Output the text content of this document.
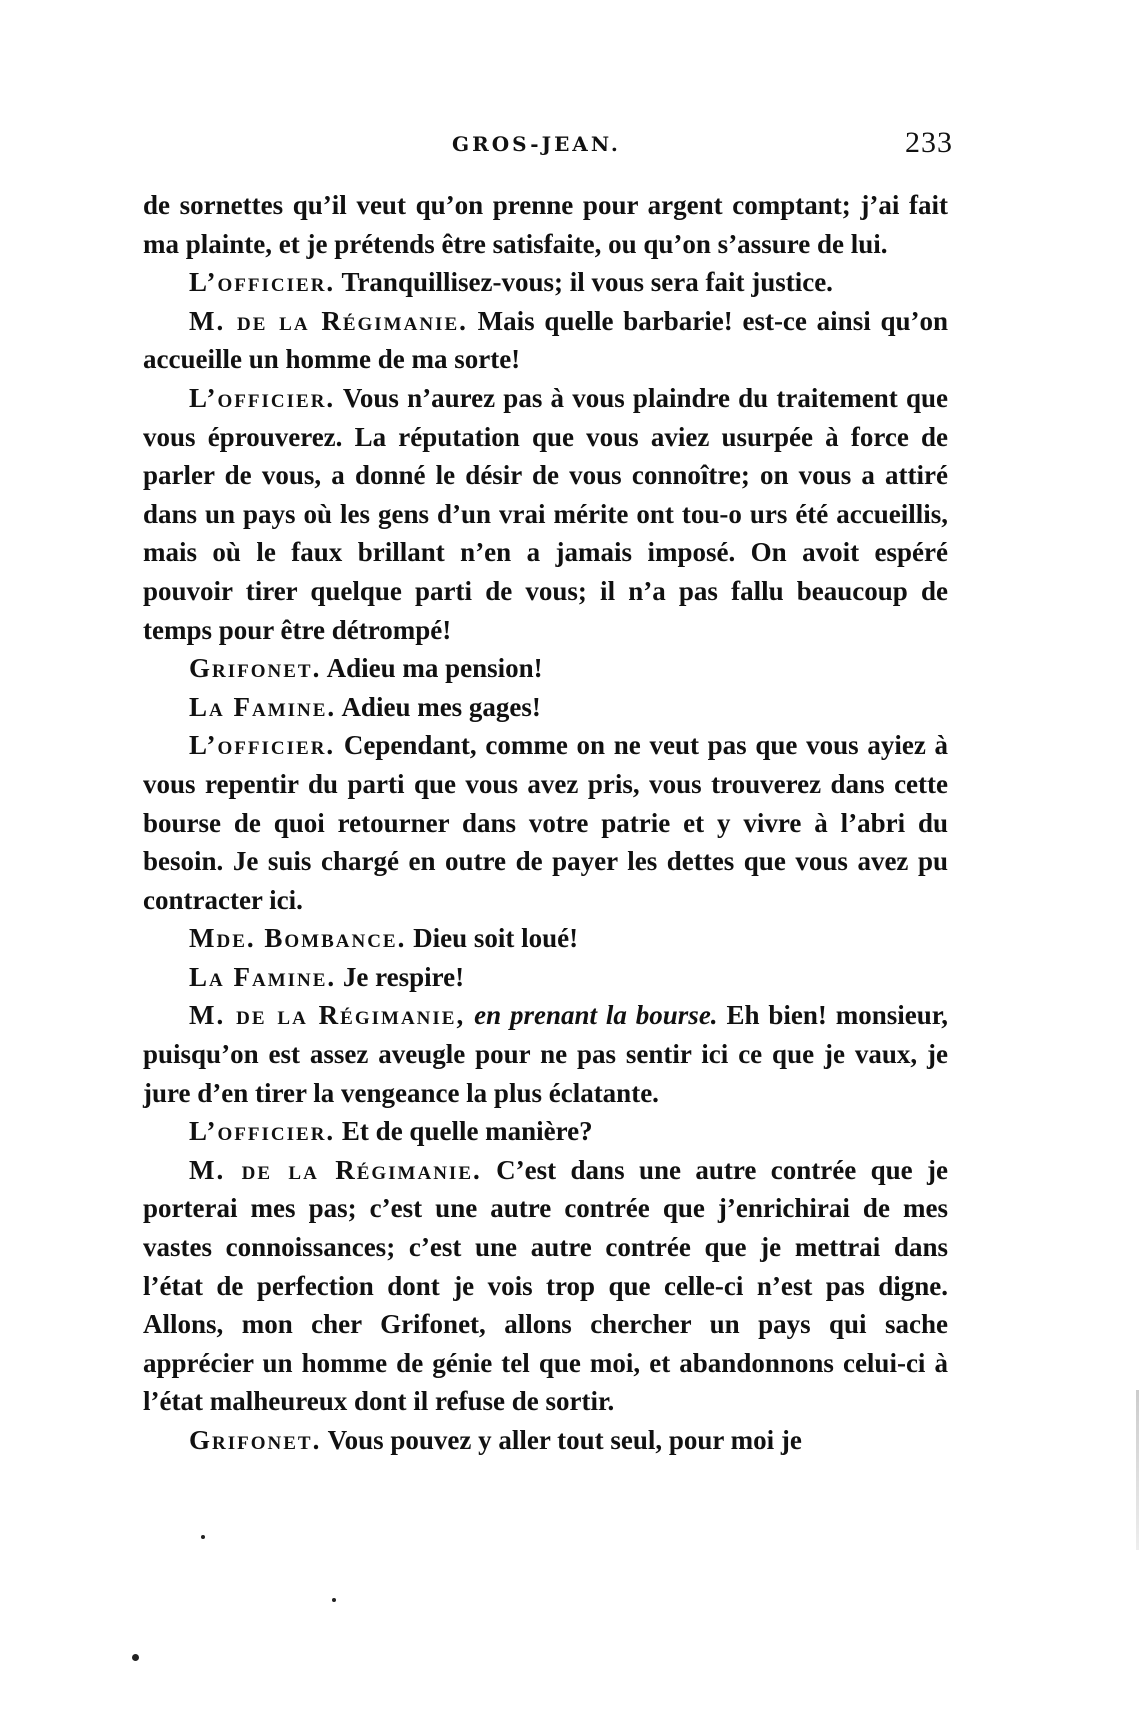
GROS-JEAN.	233

de sornettes qu’il veut qu’on prenne pour argent comptant; j’ai fait ma plainte, et je prétends être satisfaite, ou qu’on s’assure de lui.

L’officier. Tranquillisez-vous; il vous sera fait justice.

M. de la Régimanie. Mais quelle barbarie! est-ce ainsi qu’on accueille un homme de ma sorte!

L’officier. Vous n’aurez pas à vous plaindre du traitement que vous éprouverez. La réputation que vous aviez usurpée à force de parler de vous, a donné le désir de vous connoître; on vous a attiré dans un pays où les gens d’un vrai mérite ont tou-o urs été accueillis, mais où le faux brillant n’en a jamais imposé. On avoit espéré pouvoir tirer quelque parti de vous; il n’a pas fallu beaucoup de temps pour être détrompé!

Grifonet. Adieu ma pension!

La Famine. Adieu mes gages!

L’officier. Cependant, comme on ne veut pas que vous ayiez à vous repentir du parti que vous avez pris, vous trouverez dans cette bourse de quoi retourner dans votre patrie et y vivre à l’abri du besoin. Je suis chargé en outre de payer les dettes que vous avez pu contracter ici.

Mde. Bombance. Dieu soit loué!

La Famine. Je respire!

M. de la Régimanie, en prenant la bourse. Eh bien! monsieur, puisqu’on est assez aveugle pour ne pas sentir ici ce que je vaux, je jure d’en tirer la vengeance la plus éclatante.

L’officier. Et de quelle manière?

M. de la Régimanie. C’est dans une autre contrée que je porterai mes pas; c’est une autre contrée que j’enrichirai de mes vastes connoissances; c’est une autre contrée que je mettrai dans l’état de perfection dont je vois trop que celle-ci n’est pas digne. Allons, mon cher Grifonet, allons chercher un pays qui sache apprécier un homme de génie tel que moi, et abandonnons celui-ci à l’état malheureux dont il refuse de sortir.

Grifonet. Vous pouvez y aller tout seul, pour moi je
